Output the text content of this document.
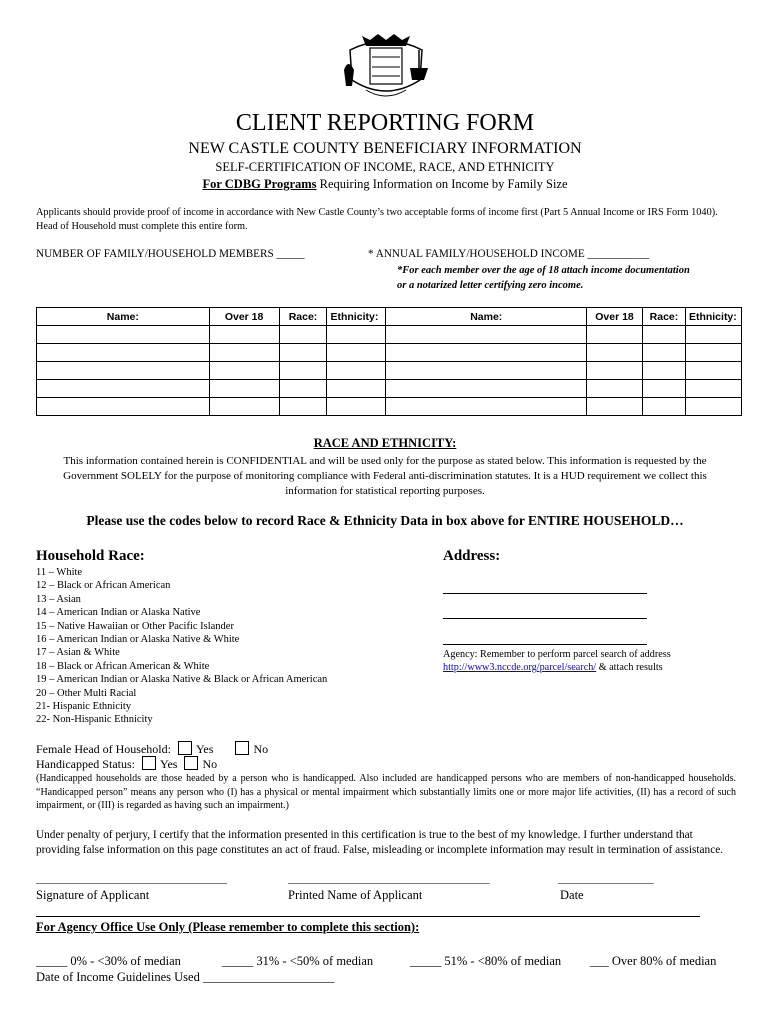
CLIENT REPORTING FORM
NEW CASTLE COUNTY BENEFICIARY INFORMATION
SELF-CERTIFICATION OF INCOME, RACE, AND ETHNICITY
For CDBG Programs Requiring Information on Income by Family Size
Applicants should provide proof of income in accordance with New Castle County’s two acceptable forms of income first (Part 5 Annual Income or IRS Form 1040). Head of Household must complete this entire form.
NUMBER OF FAMILY/HOUSEHOLD MEMBERS _____	* ANNUAL FAMILY/HOUSEHOLD INCOME ___________
*For each member over the age of 18 attach income documentation or a notarized letter certifying zero income.
Name:	Over 18	Race:	Ethnicity:	Name:	Over 18	Race:	Ethnicity:

RACE AND ETHNICITY:
This information contained herein is CONFIDENTIAL and will be used only for the purpose as stated below. This information is requested by the Government SOLELY for the purpose of monitoring compliance with Federal anti-discrimination statutes. It is a HUD requirement we collect this information for statistical reporting purposes.
Please use the codes below to record Race & Ethnicity Data in box above for ENTIRE HOUSEHOLD…
Household Race:
11 – White
12 – Black or African American
13 – Asian
14 – American Indian or Alaska Native
15 – Native Hawaiian or Other Pacific Islander
16 – American Indian or Alaska Native & White
17 – Asian & White
18 – Black or African American & White
19 – American Indian or Alaska Native & Black or African American
20 – Other Multi Racial
21- Hispanic Ethnicity
22- Non-Hispanic Ethnicity
Address:
Agency: Remember to perform parcel search of address
http://www3.nccde.org/parcel/search/ & attach results
Female Head of Household: Yes	No
Handicapped Status: Yes No
(Handicapped households are those headed by a person who is handicapped. Also included are handicapped persons who are members of non-handicapped households. “Handicapped person” means any person who (I) has a physical or mental impairment which substantially limits one or more major life activities, (II) has a record of such impairment, or (III) is regarded as having such an impairment.)
Under penalty of perjury, I certify that the information presented in this certification is true to the best of my knowledge. I further understand that providing false information on this page constitutes an act of fraud. False, misleading or incomplete information may result in termination of assistance.
____________________________________	______________________________________	__________________
Signature of Applicant	Printed Name of Applicant	Date
For Agency Office Use Only (Please remember to complete this section):
_____ 0% - <30% of median	_____ 31% - <50% of median	_____ 51% - <80% of median ___ Over 80% of median
Date of Income Guidelines Used _____________________
